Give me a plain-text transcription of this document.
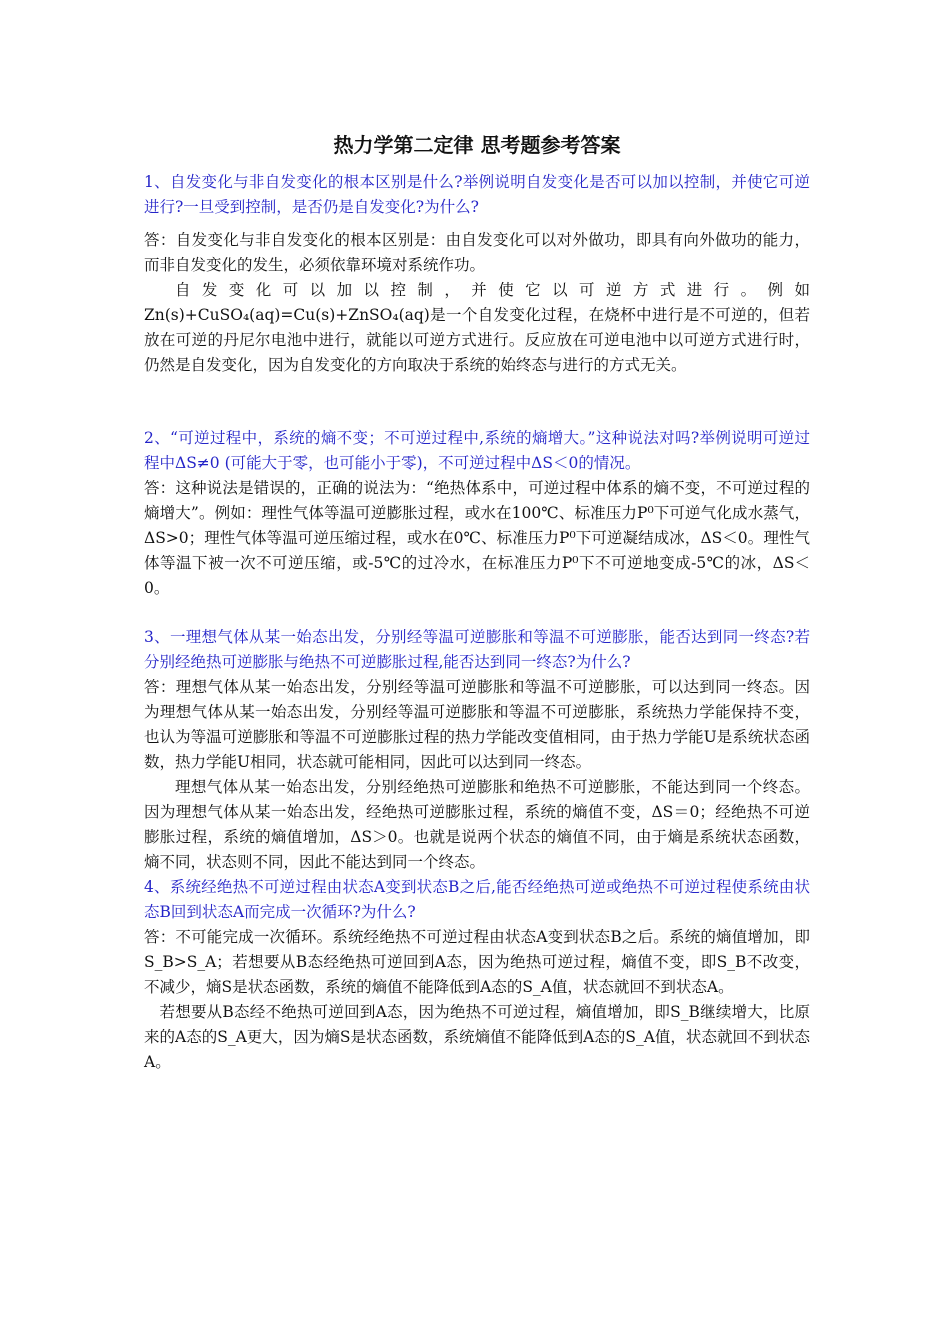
热力学第二定律 思考题参考答案

1、自发变化与非自发变化的根本区别是什么?举例说明自发变化是否可以加以控制，并使它可逆进行?一旦受到控制，是否仍是自发变化?为什么?

答：自发变化与非自发变化的根本区别是：由自发变化可以对外做功，即具有向外做功的能力，而非自发变化的发生，必须依靠环境对系统作功。

自发变化可以加以控制，并使它以可逆方式进行。例如Zn(s)+CuSO₄(aq)=Cu(s)+ZnSO₄(aq)是一个自发变化过程，在烧杯中进行是不可逆的，但若放在可逆的丹尼尔电池中进行，就能以可逆方式进行。反应放在可逆电池中以可逆方式进行时，仍然是自发变化，因为自发变化的方向取决于系统的始终态与进行的方式无关。

2、“可逆过程中，系统的熵不变；不可逆过程中,系统的熵增大。”这种说法对吗?举例说明可逆过程中ΔS≠0 (可能大于零，也可能小于零)，不可逆过程中ΔS＜0的情况。

答：这种说法是错误的，正确的说法为：“绝热体系中，可逆过程中体系的熵不变，不可逆过程的熵增大”。例如：理性气体等温可逆膨胀过程，或水在100℃、标准压力P⁰下可逆气化成水蒸气，ΔS>0；理性气体等温可逆压缩过程，或水在0℃、标准压力P⁰下可逆凝结成冰，ΔS＜0。理性气体等温下被一次不可逆压缩，或-5℃的过冷水，在标准压力P⁰下不可逆地变成-5℃的冰，ΔS＜0。

3、一理想气体从某一始态出发，分别经等温可逆膨胀和等温不可逆膨胀，能否达到同一终态?若分别经绝热可逆膨胀与绝热不可逆膨胀过程,能否达到同一终态?为什么?

答：理想气体从某一始态出发，分别经等温可逆膨胀和等温不可逆膨胀，可以达到同一终态。因为理想气体从某一始态出发，分别经等温可逆膨胀和等温不可逆膨胀，系统热力学能保持不变，也认为等温可逆膨胀和等温不可逆膨胀过程的热力学能改变值相同，由于热力学能U是系统状态函数，热力学能U相同，状态就可能相同，因此可以达到同一终态。

理想气体从某一始态出发，分别经绝热可逆膨胀和绝热不可逆膨胀，不能达到同一个终态。因为理想气体从某一始态出发，经绝热可逆膨胀过程，系统的熵值不变，ΔS＝0；经绝热不可逆膨胀过程，系统的熵值增加，ΔS＞0。也就是说两个状态的熵值不同，由于熵是系统状态函数，熵不同，状态则不同，因此不能达到同一个终态。

4、系统经绝热不可逆过程由状态A变到状态B之后,能否经绝热可逆或绝热不可逆过程使系统由状态B回到状态A而完成一次循环?为什么?

答：不可能完成一次循环。系统经绝热不可逆过程由状态A变到状态B之后。系统的熵值增加，即S_B>S_A；若想要从B态经绝热可逆回到A态，因为绝热可逆过程，熵值不变，即S_B不改变，不减少，熵S是状态函数，系统的熵值不能降低到A态的S_A值，状态就回不到状态A。

若想要从B态经不绝热可逆回到A态，因为绝热不可逆过程，熵值增加，即S_B继续增大，比原来的A态的S_A更大，因为熵S是状态函数，系统熵值不能降低到A态的S_A值，状态就回不到状态A。
